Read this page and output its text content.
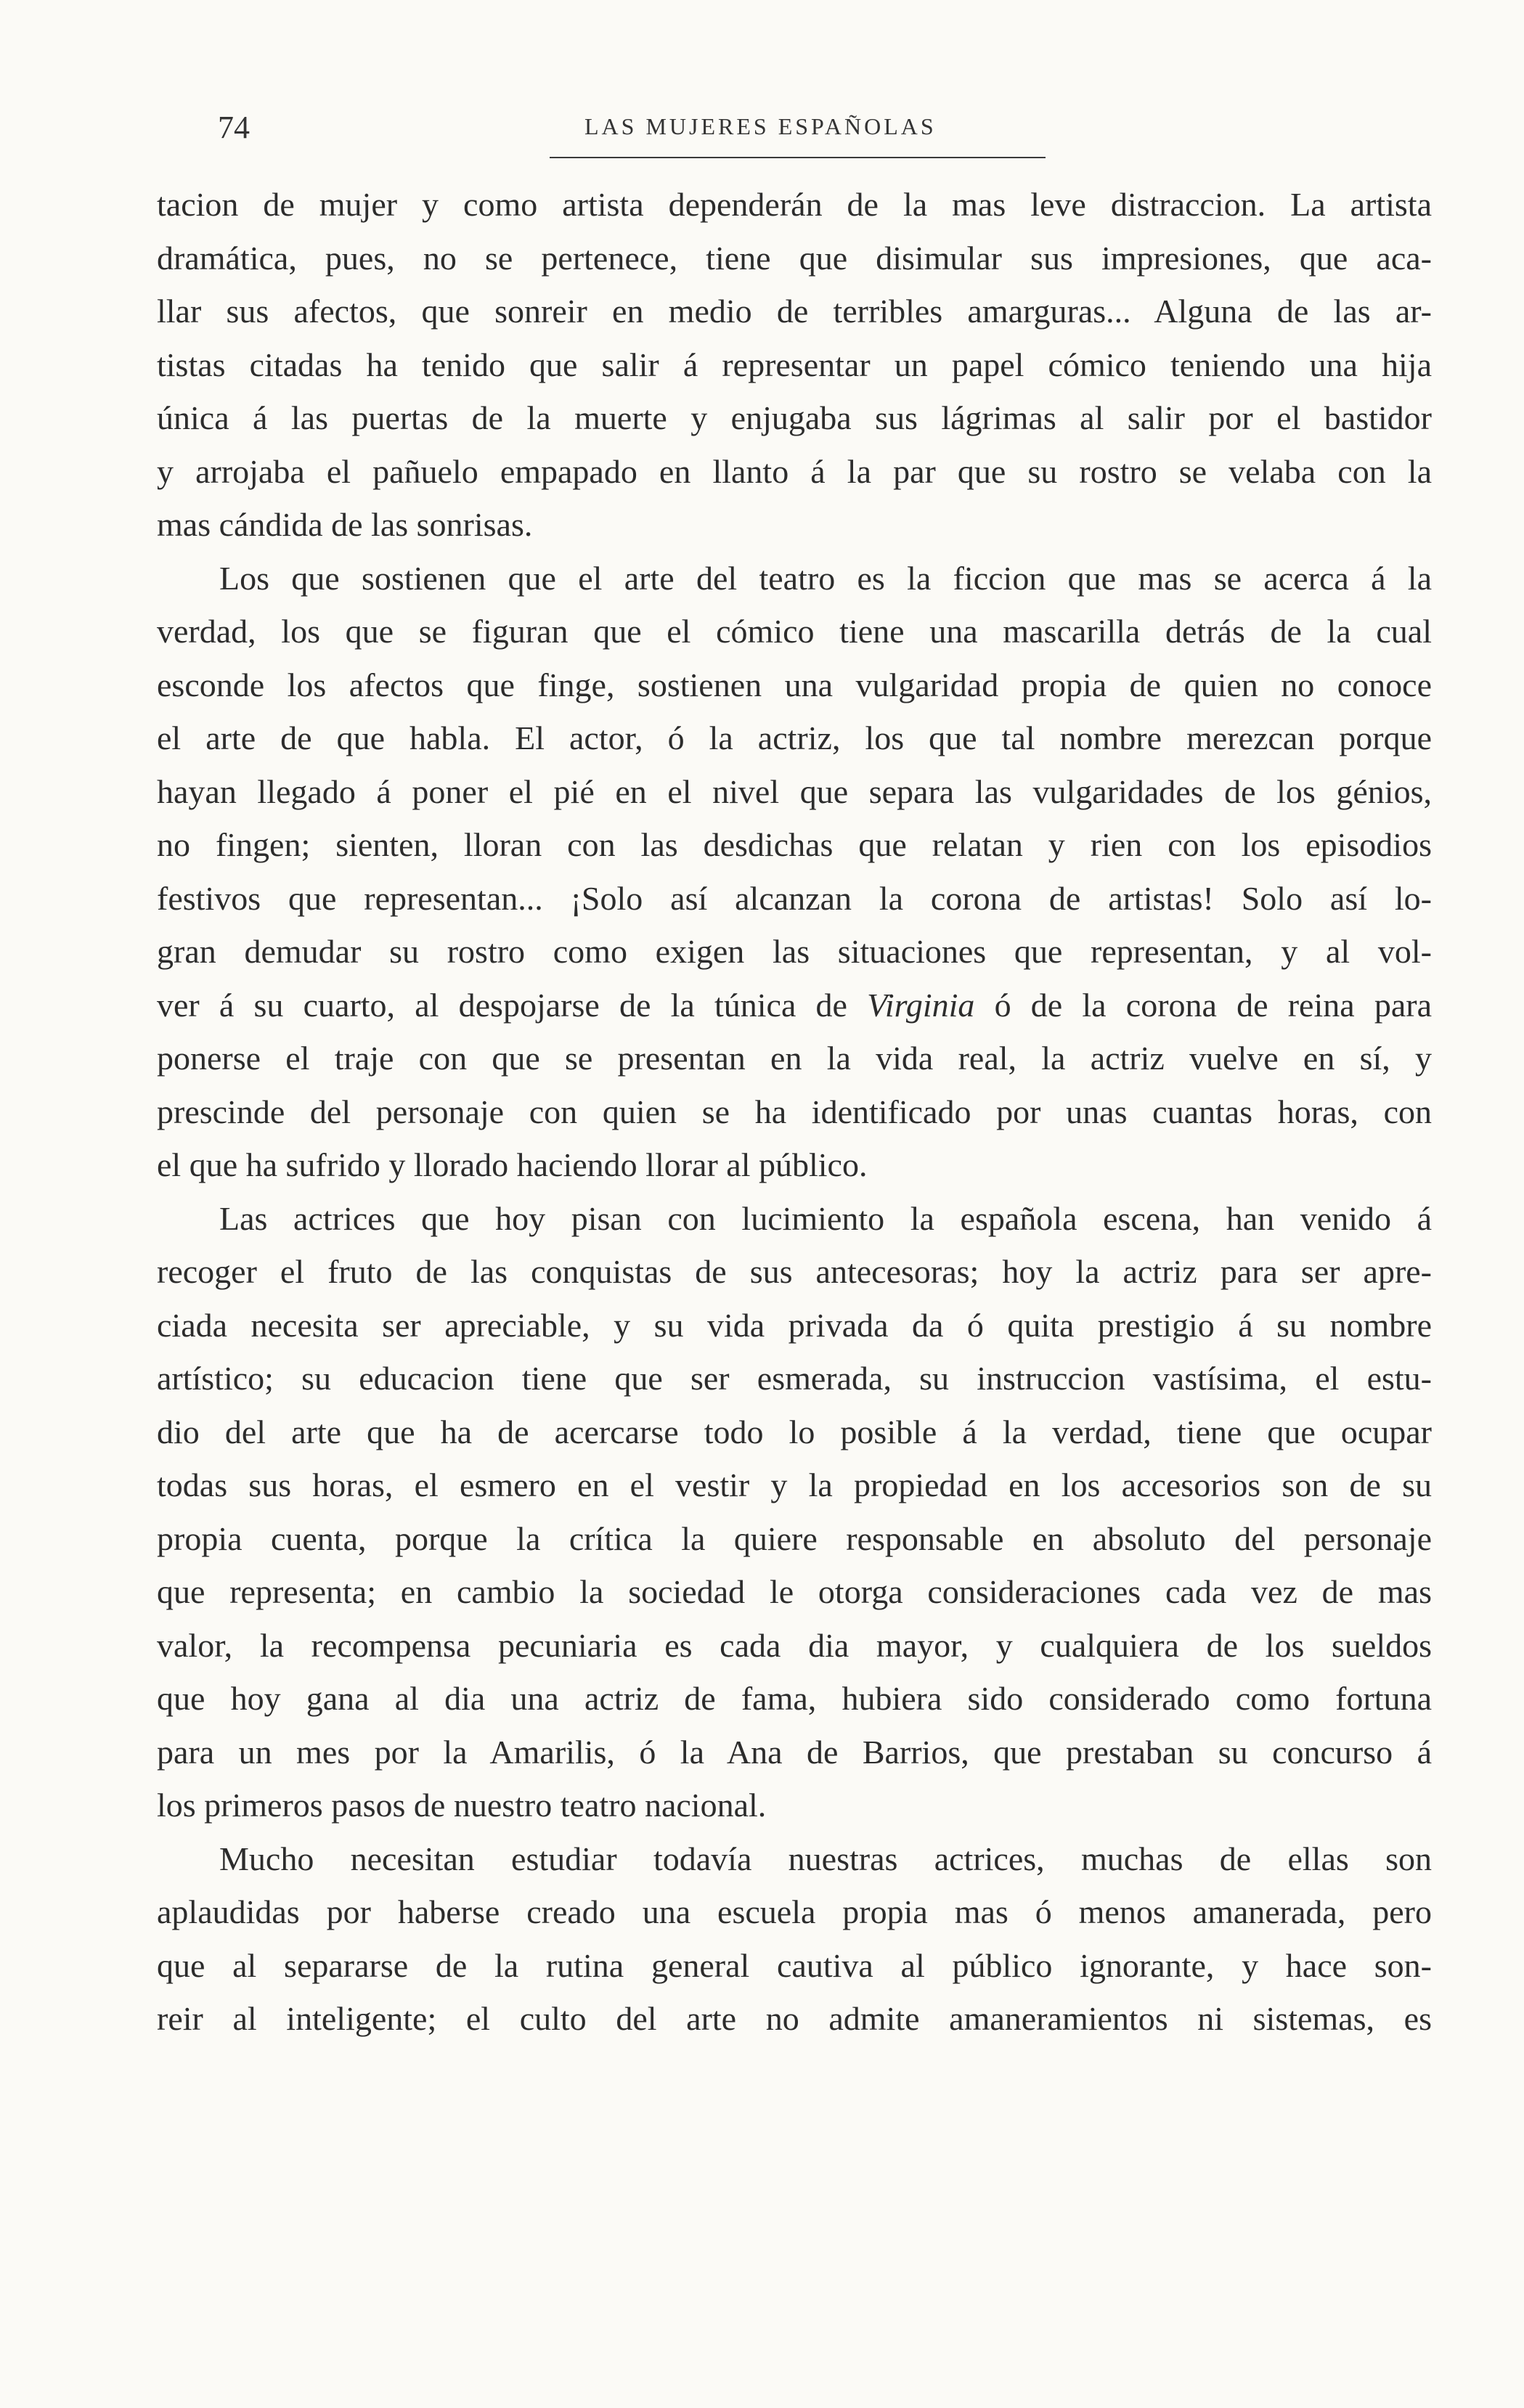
74	LAS MUJERES ESPAÑOLAS

tacion de mujer y como artista dependerán de la mas leve distraccion. La artista
dramática, pues, no se pertenece, tiene que disimular sus impresiones, que aca-
llar sus afectos, que sonreir en medio de terribles amarguras... Alguna de las ar-
tistas citadas ha tenido que salir á representar un papel cómico teniendo una hija
única á las puertas de la muerte y enjugaba sus lágrimas al salir por el bastidor
y arrojaba el pañuelo empapado en llanto á la par que su rostro se velaba con la
mas cándida de las sonrisas.

Los que sostienen que el arte del teatro es la ficcion que mas se acerca á la
verdad, los que se figuran que el cómico tiene una mascarilla detrás de la cual
esconde los afectos que finge, sostienen una vulgaridad propia de quien no conoce
el arte de que habla. El actor, ó la actriz, los que tal nombre merezcan porque
hayan llegado á poner el pié en el nivel que separa las vulgaridades de los génios,
no fingen; sienten, lloran con las desdichas que relatan y rien con los episodios
festivos que representan... ¡Solo así alcanzan la corona de artistas! Solo así lo-
gran demudar su rostro como exigen las situaciones que representan, y al vol-
ver á su cuarto, al despojarse de la túnica de Virginia ó de la corona de reina para
ponerse el traje con que se presentan en la vida real, la actriz vuelve en sí, y
prescinde del personaje con quien se ha identificado por unas cuantas horas, con
el que ha sufrido y llorado haciendo llorar al público.

Las actrices que hoy pisan con lucimiento la española escena, han venido á
recoger el fruto de las conquistas de sus antecesoras; hoy la actriz para ser apre-
ciada necesita ser apreciable, y su vida privada da ó quita prestigio á su nombre
artístico; su educacion tiene que ser esmerada, su instruccion vastísima, el estu-
dio del arte que ha de acercarse todo lo posible á la verdad, tiene que ocupar
todas sus horas, el esmero en el vestir y la propiedad en los accesorios son de su
propia cuenta, porque la crítica la quiere responsable en absoluto del personaje
que representa; en cambio la sociedad le otorga consideraciones cada vez de mas
valor, la recompensa pecuniaria es cada dia mayor, y cualquiera de los sueldos
que hoy gana al dia una actriz de fama, hubiera sido considerado como fortuna
para un mes por la Amarilis, ó la Ana de Barrios, que prestaban su concurso á
los primeros pasos de nuestro teatro nacional.

Mucho necesitan estudiar todavía nuestras actrices, muchas de ellas son
aplaudidas por haberse creado una escuela propia mas ó menos amanerada, pero
que al separarse de la rutina general cautiva al público ignorante, y hace son-
reir al inteligente; el culto del arte no admite amaneramientos ni sistemas, es
